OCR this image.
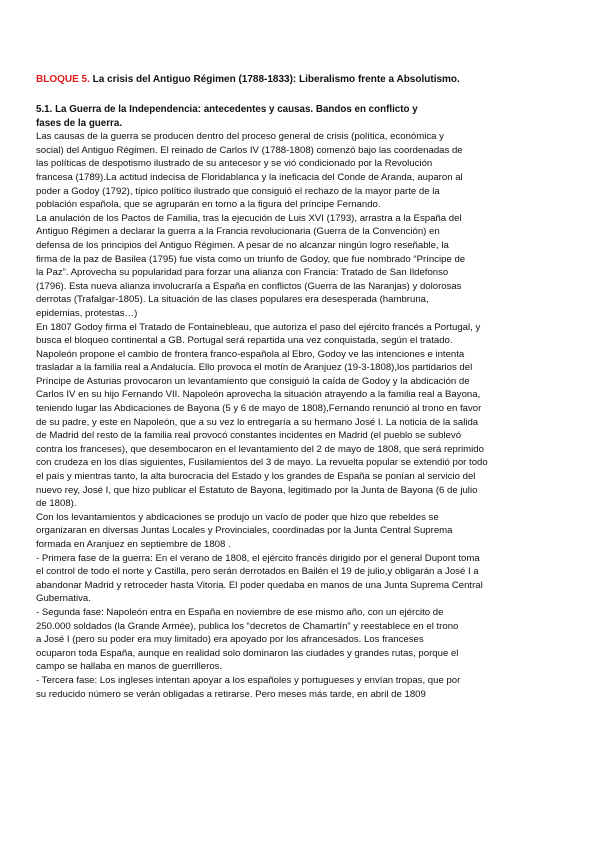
BLOQUE 5. La crisis del Antiguo Régimen (1788-1833): Liberalismo frente a Absolutismo.

5.1. La Guerra de la Independencia: antecedentes y causas. Bandos en conflicto y

fases de la guerra.

Las causas de la guerra se producen dentro del proceso general de crisis (política, económica y

social) del Antiguo Régimen. El reinado de Carlos IV (1788-1808) comenzó bajo las coordenadas de

las políticas de despotismo ilustrado de su antecesor y se vió condicionado por la Revolución

francesa (1789).La actitud indecisa de Floridablanca y la ineficacia del Conde de Aranda, auparon al

poder a Godoy (1792), típico político ilustrado que consiguió el rechazo de la mayor parte de la

población española, que se agruparán en torno a la figura del príncipe Fernando.

La anulación de los Pactos de Familia, tras la ejecución de Luis XVI (1793), arrastra a la España del

Antiguo Régimen a declarar la guerra a la Francia revolucionaria (Guerra de la Convención) en

defensa de los principios del Antiguo Régimen. A pesar de no alcanzar ningún logro reseñable, la

firma de la paz de Basilea (1795) fue vista como un triunfo de Godoy, que fue nombrado “Príncipe de

la Paz”. Aprovecha su popularidad para forzar una alianza con Francia: Tratado de San Ildefonso

(1796). Esta nueva alianza involucraría a España en conflictos (Guerra de las Naranjas) y dolorosas

derrotas (Trafalgar-1805). La situación de las clases populares era desesperada (hambruna,

epidemias, protestas…)

En 1807 Godoy firma el Tratado de Fontainebleau, que autoriza el paso del ejército francés a Portugal, y

busca el bloqueo continental a GB. Portugal será repartida una vez conquistada, según el tratado.

Napoleón propone el cambio de frontera franco-española al Ebro, Godoy ve las intenciones e intenta

trasladar a la familia real a Andalucía. Ello provoca el motín de Aranjuez (19-3-1808),los partidarios del

Príncipe de Asturias provocaron un levantamiento que consiguió la caída de Godoy y la abdicación de

Carlos IV en su hijo Fernando VII. Napoleón aprovecha la situación atrayendo a la familia real a Bayona,

teniendo lugar las Abdicaciones de Bayona (5 y 6 de mayo de 1808),Fernando renunció al trono en favor

de su padre, y este en Napoleón, que a su vez lo entregaría a su hermano José I. La noticia de la salida

de Madrid del resto de la familia real provocó constantes incidentes en Madrid (el pueblo se sublevó

contra los franceses), que desembocaron en el levantamiento del 2 de mayo de 1808, que será reprimido

con crudeza en los días siguientes, Fusilamientos del 3 de mayo. La revuelta popular se extendió por todo

el país y mientras tanto, la alta burocracia del Estado y los grandes de España se ponían al servicio del

nuevo rey, José I, que hizo publicar el Estatuto de Bayona, legitimado por la Junta de Bayona (6 de julio

de 1808).

Con los levantamientos y abdicaciones se produjo un vacío de poder que hizo que rebeldes se

organizaran en diversas Juntas Locales y Provinciales, coordinadas por la Junta Central Suprema

formada en Aranjuez en septiembre de 1808 .

- Primera fase de la guerra: En el verano de 1808, el ejército francés dirigido por el general Dupont toma

el control de todo el norte y Castilla, pero serán derrotados en Bailén el 19 de julio,y obligarán a José I a

abandonar Madrid y retroceder hasta Vitoria. El poder quedaba en manos de una Junta Suprema Central

Gubernativa.

- Segunda fase: Napoleón entra en España en noviembre de ese mismo año, con un ejército de

250.000 soldados (la Grande Armée), publica los “decretos de Chamartín” y reestablece en el trono

a José I (pero su poder era muy limitado) era apoyado por los afrancesados. Los franceses

ocuparon toda España, aunque en realidad solo dominaron las ciudades y grandes rutas, porque el

campo se hallaba en manos de guerrilleros.

- Tercera fase: Los ingleses intentan apoyar a los españoles y portugueses y envían tropas, que por

su reducido número se verán obligadas a retirarse. Pero meses más tarde, en abril de 1809
